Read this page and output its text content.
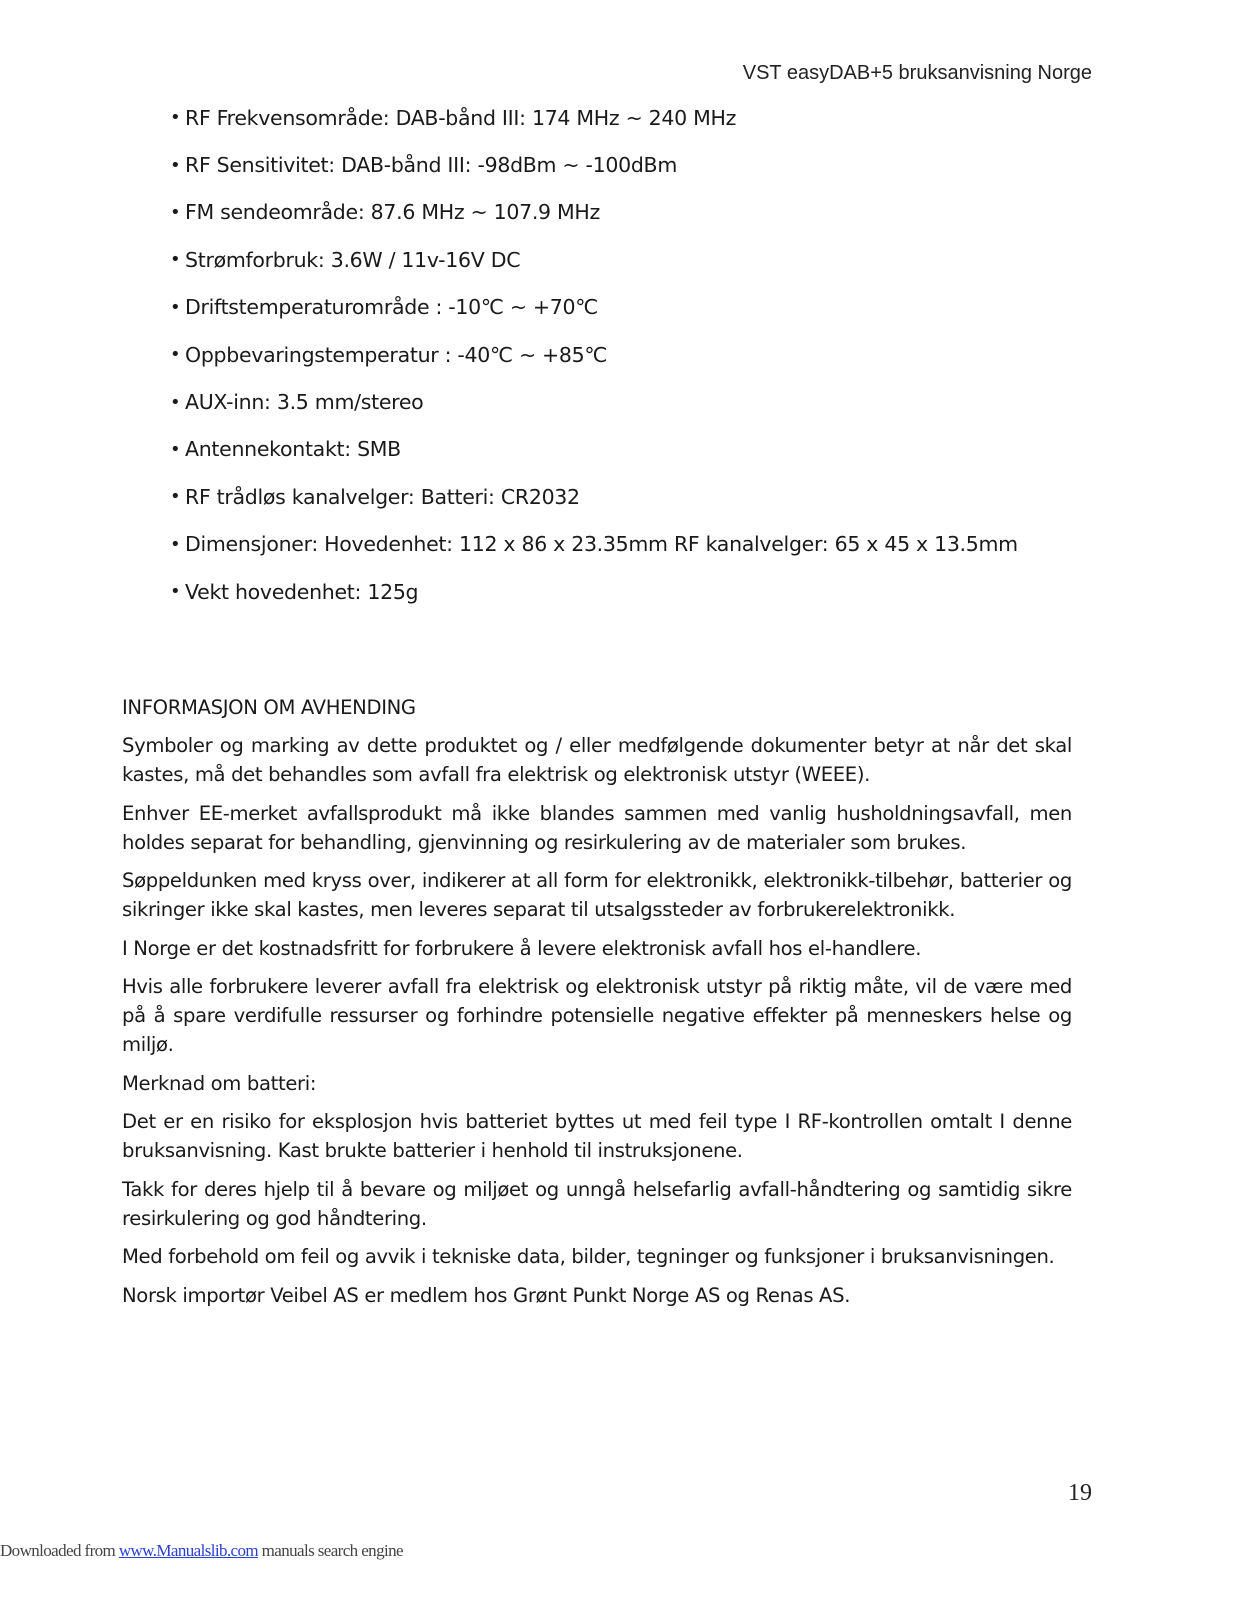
VST easyDAB+5 bruksanvisning Norge
• RF Frekvensområde: DAB-bånd III: 174 MHz ~ 240 MHz
• RF Sensitivitet: DAB-bånd III: -98dBm ~ -100dBm
• FM sendeområde: 87.6 MHz ~ 107.9 MHz
• Strømforbruk: 3.6W / 11v-16V DC
• Driftstemperaturområde : -10℃ ~ +70℃
• Oppbevaringstemperatur : -40℃ ~ +85℃
• AUX-inn: 3.5 mm/stereo
• Antennekontakt: SMB
• RF trådløs kanalvelger: Batteri: CR2032
• Dimensjoner: Hovedenhet: 112 x 86 x 23.35mm RF kanalvelger: 65 x 45 x 13.5mm
• Vekt hovedenhet: 125g
INFORMASJON OM AVHENDING

Symboler og marking av dette produktet og / eller medfølgende dokumenter betyr at når det skal kastes, må det behandles som avfall fra elektrisk og elektronisk utstyr (WEEE).

Enhver EE-merket avfallsprodukt må ikke blandes sammen med vanlig husholdningsavfall, men holdes separat for behandling, gjenvinning og resirkulering av de materialer som brukes.

Søppeldunken med kryss over, indikerer at all form for elektronikk, elektronikk-tilbehør, batterier og sikringer ikke skal kastes, men leveres separat til utsalgssteder av forbrukerelektronikk.

I Norge er det kostnadsfritt for forbrukere å levere elektronisk avfall hos el-handlere.

Hvis alle forbrukere leverer avfall fra elektrisk og elektronisk utstyr på riktig måte, vil de være med på å spare verdifulle ressurser og forhindre potensielle negative effekter på menneskers helse og miljø.

Merknad om batteri:

Det er en risiko for eksplosjon hvis batteriet byttes ut med feil type I RF-kontrollen omtalt I denne bruksanvisning. Kast brukte batterier i henhold til instruksjonene.

Takk for deres hjelp til å bevare og miljøet og unngå helsefarlig avfall-håndtering og samtidig sikre resirkulering og god håndtering.

Med forbehold om feil og avvik i tekniske data, bilder, tegninger og funksjoner i bruksanvisningen.

Norsk importør Veibel AS er medlem hos Grønt Punkt Norge AS og Renas AS.

19
Downloaded from www.Manualslib.com manuals search engine
